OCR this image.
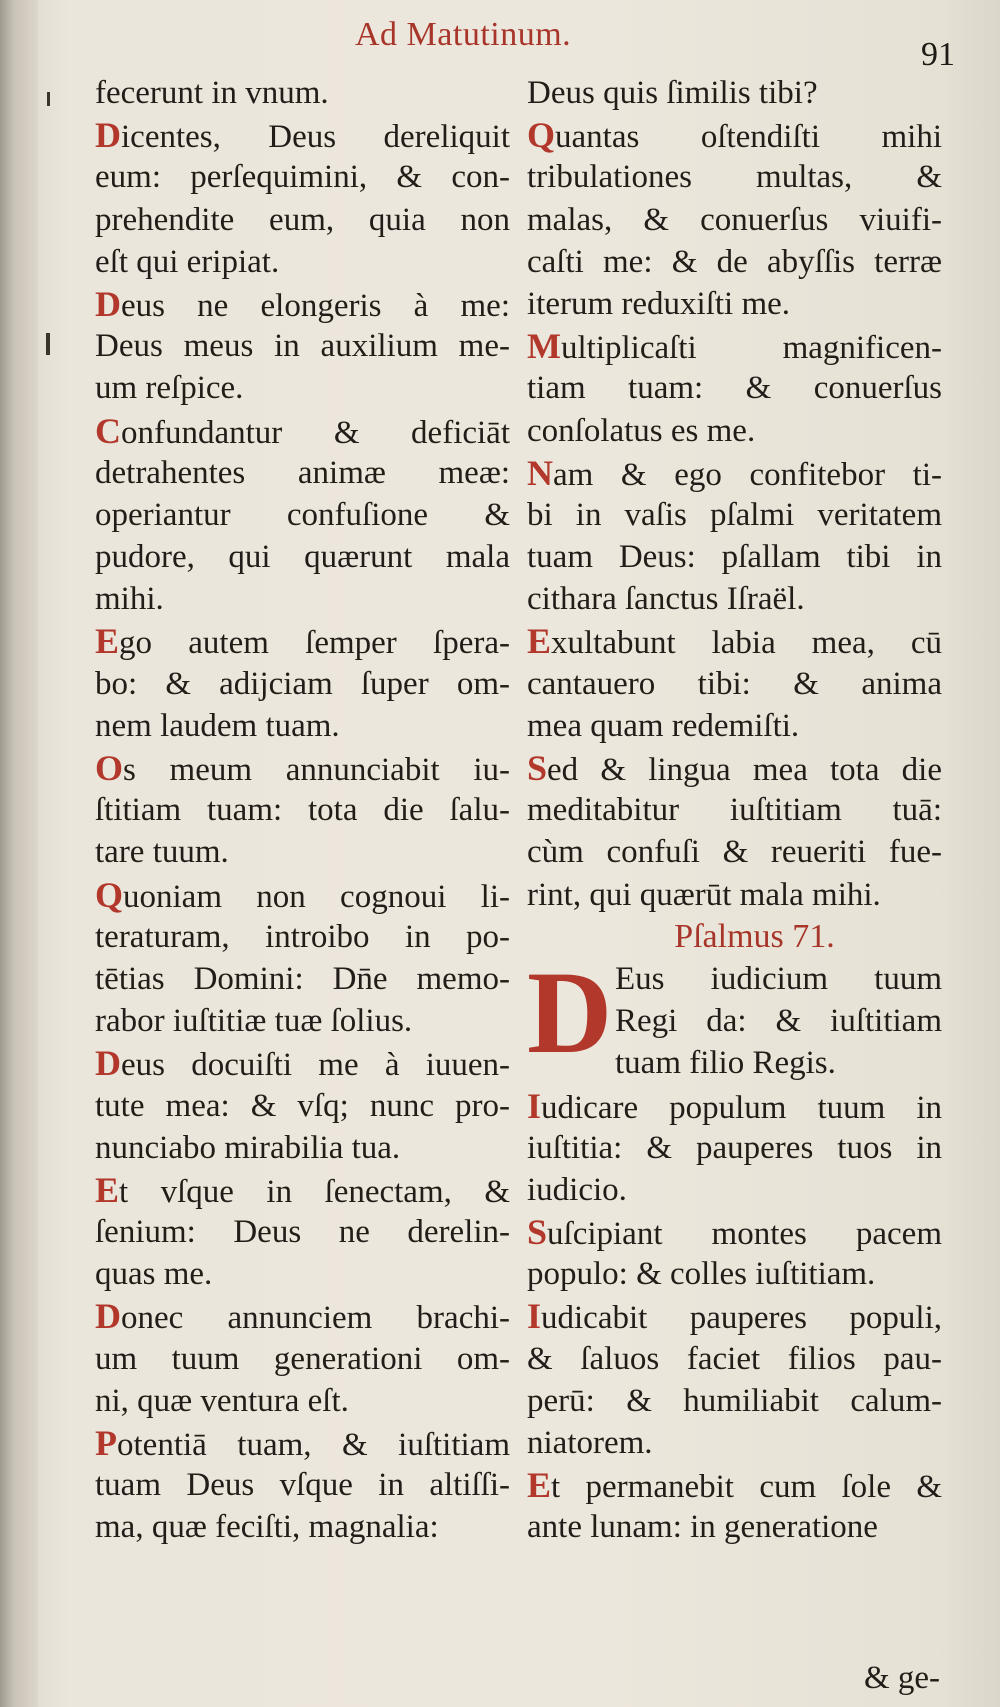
Ad Matutinum.
91
fecerunt in vnum.
Dicentes, Deus dereliquit
eum: perſequimini, & con-
prehendite eum, quia non
eſt qui eripiat.
Deus ne elongeris à me:
Deus meus in auxilium me-
um reſpice.
Confundantur & deficiāt
detrahentes animæ meæ:
operiantur confuſione &
pudore, qui quærunt mala
mihi.
Ego autem ſemper ſpera-
bo: & adijciam ſuper om-
nem laudem tuam.
Os meum annunciabit iu-
ſtitiam tuam: tota die ſalu-
tare tuum.
Quoniam non cognoui li-
teraturam, introibo in po-
tētias Domini: Dn̄e memo-
rabor iuſtitiæ tuæ ſolius.
Deus docuiſti me à iuuen-
tute mea: & vſq; nunc pro-
nunciabo mirabilia tua.
Et vſque in ſenectam, &
ſenium: Deus ne derelin-
quas me.
Donec annunciem brachi-
um tuum generationi om-
ni, quæ ventura eſt.
Potentiā tuam, & iuſtitiam
tuam Deus vſque in altiſſi-
ma, quæ feciſti, magnalia:
Deus quis ſimilis tibi?
Quantas oſtendiſti mihi
tribulationes multas, &
malas, & conuerſus viuifi-
caſti me: & de abyſſis terræ
iterum reduxiſti me.
Multiplicaſti magnificen-
tiam tuam: & conuerſus
conſolatus es me.
Nam & ego confitebor ti-
bi in vaſis pſalmi veritatem
tuam Deus: pſallam tibi in
cithara ſanctus Iſraël.
Exultabunt labia mea, cū
cantauero tibi: & anima
mea quam redemiſti.
Sed & lingua mea tota die
meditabitur iuſtitiam tuā:
cùm confuſi & reueriti fue-
rint, qui quærūt mala mihi.
Pſalmus 71.
D Eus iudicium tuum
Regi da: & iuſtitiam
tuam filio Regis.
Iudicare populum tuum in
iuſtitia: & pauperes tuos in
iudicio.
Suſcipiant montes pacem
populo: & colles iuſtitiam.
Iudicabit pauperes populi,
& ſaluos faciet filios pau-
perū: & humiliabit calum-
niatorem.
Et permanebit cum ſole &
ante lunam: in generatione
& ge-
